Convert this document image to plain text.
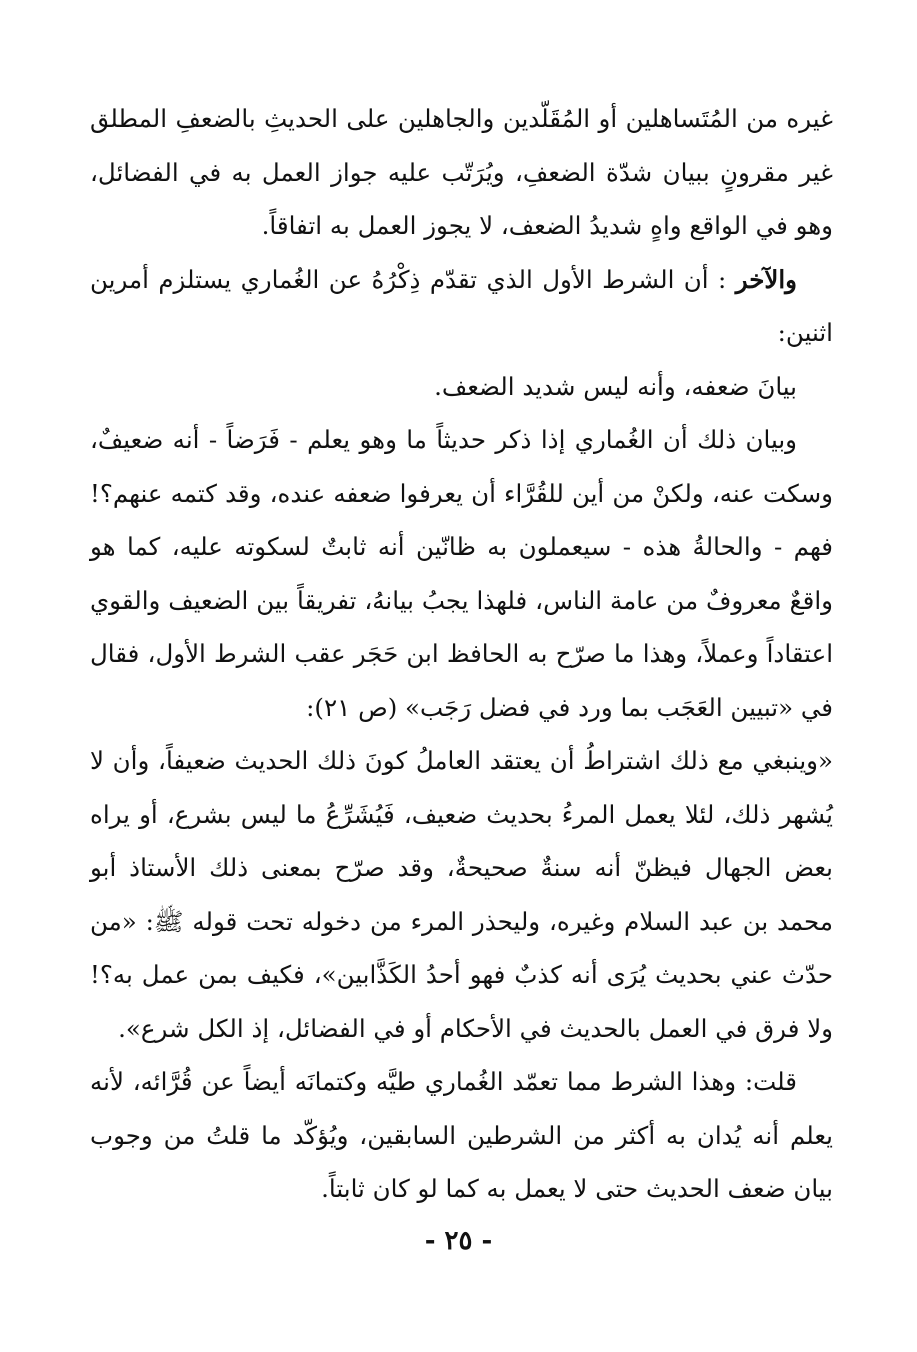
غيره من المُتَساهلين أو المُقَلّدين والجاهلين على الحديثِ بالضعفِ المطلق غير مقرونٍ ببيان شدّة الضعفِ، ويُرَتّب عليه جواز العمل به في الفضائل، وهو في الواقع واهٍ شديدُ الضعف، لا يجوز العمل به اتفاقاً.

والآخر : أن الشرط الأول الذي تقدّم ذِكْرُهُ عن الغُماري يستلزم أمرين اثنين:

بيانَ ضعفه، وأنه ليس شديد الضعف.

وبيان ذلك أن الغُماري إذا ذكر حديثاً ما وهو يعلم - فَرَضاً - أنه ضعيفٌ، وسكت عنه، ولكنْ من أين للقُرَّاء أن يعرفوا ضعفه عنده، وقد كتمه عنهم؟! فهم - والحالةُ هذه - سيعملون به ظانّين أنه ثابتٌ لسكوته عليه، كما هو واقعٌ معروفٌ من عامة الناس، فلهذا يجبُ بيانهُ، تفريقاً بين الضعيف والقوي اعتقاداً وعملاً، وهذا ما صرّح به الحافظ ابن حَجَر عقب الشرط الأول، فقال في «تبيين العَجَب بما ورد في فضل رَجَب» (ص ٢١):

«وينبغي مع ذلك اشتراطُ أن يعتقد العاملُ كونَ ذلك الحديث ضعيفاً، وأن لا يُشهر ذلك، لئلا يعمل المرءُ بحديث ضعيف، فَيُشَرِّعُ ما ليس بشرع، أو يراه بعض الجهال فيظنّ أنه سنةٌ صحيحةٌ، وقد صرّح بمعنى ذلك الأستاذ أبو محمد بن عبد السلام وغيره، وليحذر المرء من دخوله تحت قوله ﷺ: «من حدّث عني بحديث يُرَى أنه كذبٌ فهو أحدُ الكَذَّابين»، فكيف بمن عمل به؟! ولا فرق في العمل بالحديث في الأحكام أو في الفضائل، إذ الكل شرع».

قلت: وهذا الشرط مما تعمّد الغُماري طيَّه وكتمانَه أيضاً عن قُرَّائه، لأنه يعلم أنه يُدان به أكثر من الشرطين السابقين، ويُؤكّد ما قلتُ من وجوب بيان ضعف الحديث حتى لا يعمل به كما لو كان ثابتاً.

- ٢٥ -
